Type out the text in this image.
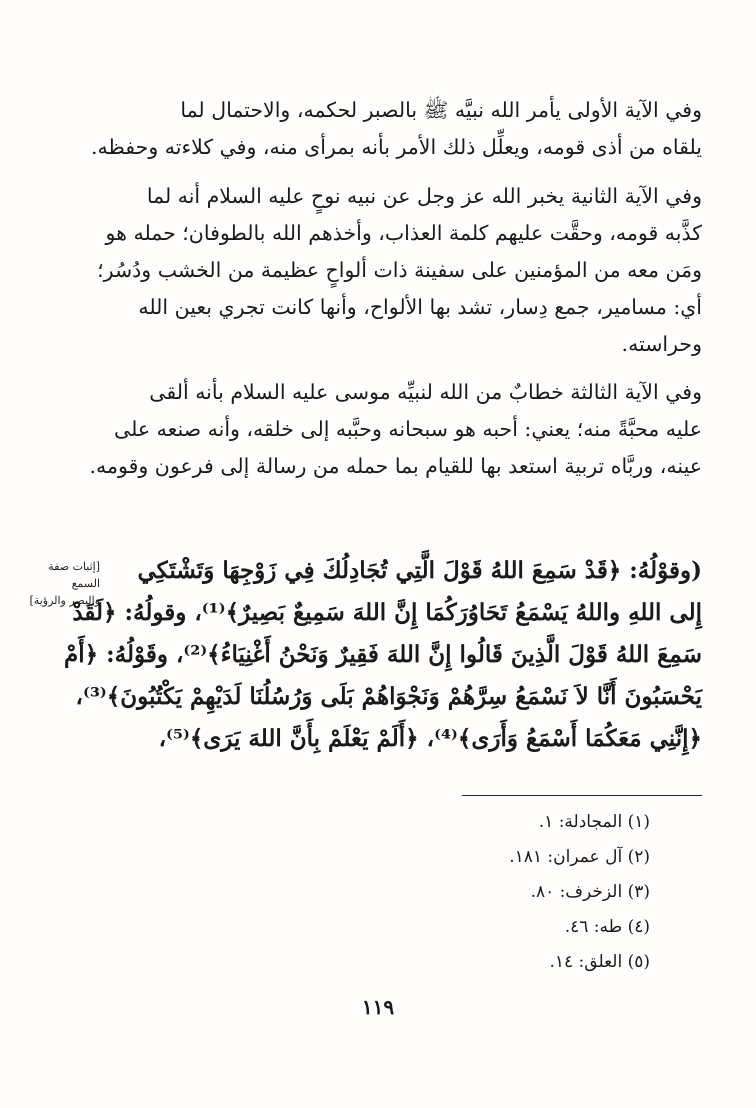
وفي الآية الأولى يأمر الله نبيَّه ﷺ بالصبر لحكمه، والاحتمال لما
يلقاه من أذى قومه، ويعلِّل ذلك الأمر بأنه بمرأى منه، وفي كلاءته وحفظه.
وفي الآية الثانية يخبر الله عز وجل عن نبيه نوحٍ عليه السلام أنه لما
كذَّبه قومه، وحقَّت عليهم كلمة العذاب، وأخذهم الله بالطوفان؛ حمله هو
ومَن معه من المؤمنين على سفينة ذات ألواحٍ عظيمة من الخشب ودُسُر؛
أي: مسامير، جمع دِسار، تشد بها الألواح، وأنها كانت تجري بعين الله
وحراسته.
وفي الآية الثالثة خطابٌ من الله لنبيِّه موسى عليه السلام بأنه ألقى
عليه محبَّةً منه؛ يعني: أحبه هو سبحانه وحبَّبه إلى خلقه، وأنه صنعه على
عينه، وربَّاه تربية استعد بها للقيام بما حمله من رسالة إلى فرعون وقومه.
[إثبات صفة السمع
والبصر والرؤية]
(وقوْلُهُ: ﴿قَدْ سَمِعَ اللهُ قَوْلَ الَّتِي تُجَادِلُكَ فِي زَوْجِهَا وَتَشْتَكِي
إِلى اللهِ واللهُ يَسْمَعُ تَحَاوُرَكُمَا إِنَّ اللهَ سَمِيعٌ بَصِيرٌ﴾⁽¹⁾، وقولُهُ: ﴿لَقَدْ
سَمِعَ اللهُ قَوْلَ الَّذِينَ قَالُوا إِنَّ اللهَ فَقِيرٌ وَنَحْنُ أَغْنِيَاءُ﴾⁽²⁾، وقَوْلُهُ: ﴿أَمْ
يَحْسَبُونَ أَنَّا لاَ نَسْمَعُ سِرَّهُمْ وَنَجْوَاهُمْ بَلَى وَرُسُلُنَا لَدَيْهِمْ يَكْتُبُونَ﴾⁽³⁾،
﴿إِنَّنِي مَعَكُمَا أَسْمَعُ وَأَرَى﴾⁽⁴⁾، ﴿أَلَمْ يَعْلَمْ بِأَنَّ اللهَ يَرَى﴾⁽⁵⁾،
(١) المجادلة: ١.
(٢) آل عمران: ١٨١.
(٣) الزخرف: ٨٠.
(٤) طه: ٤٦.
(٥) العلق: ١٤.
١١٩
